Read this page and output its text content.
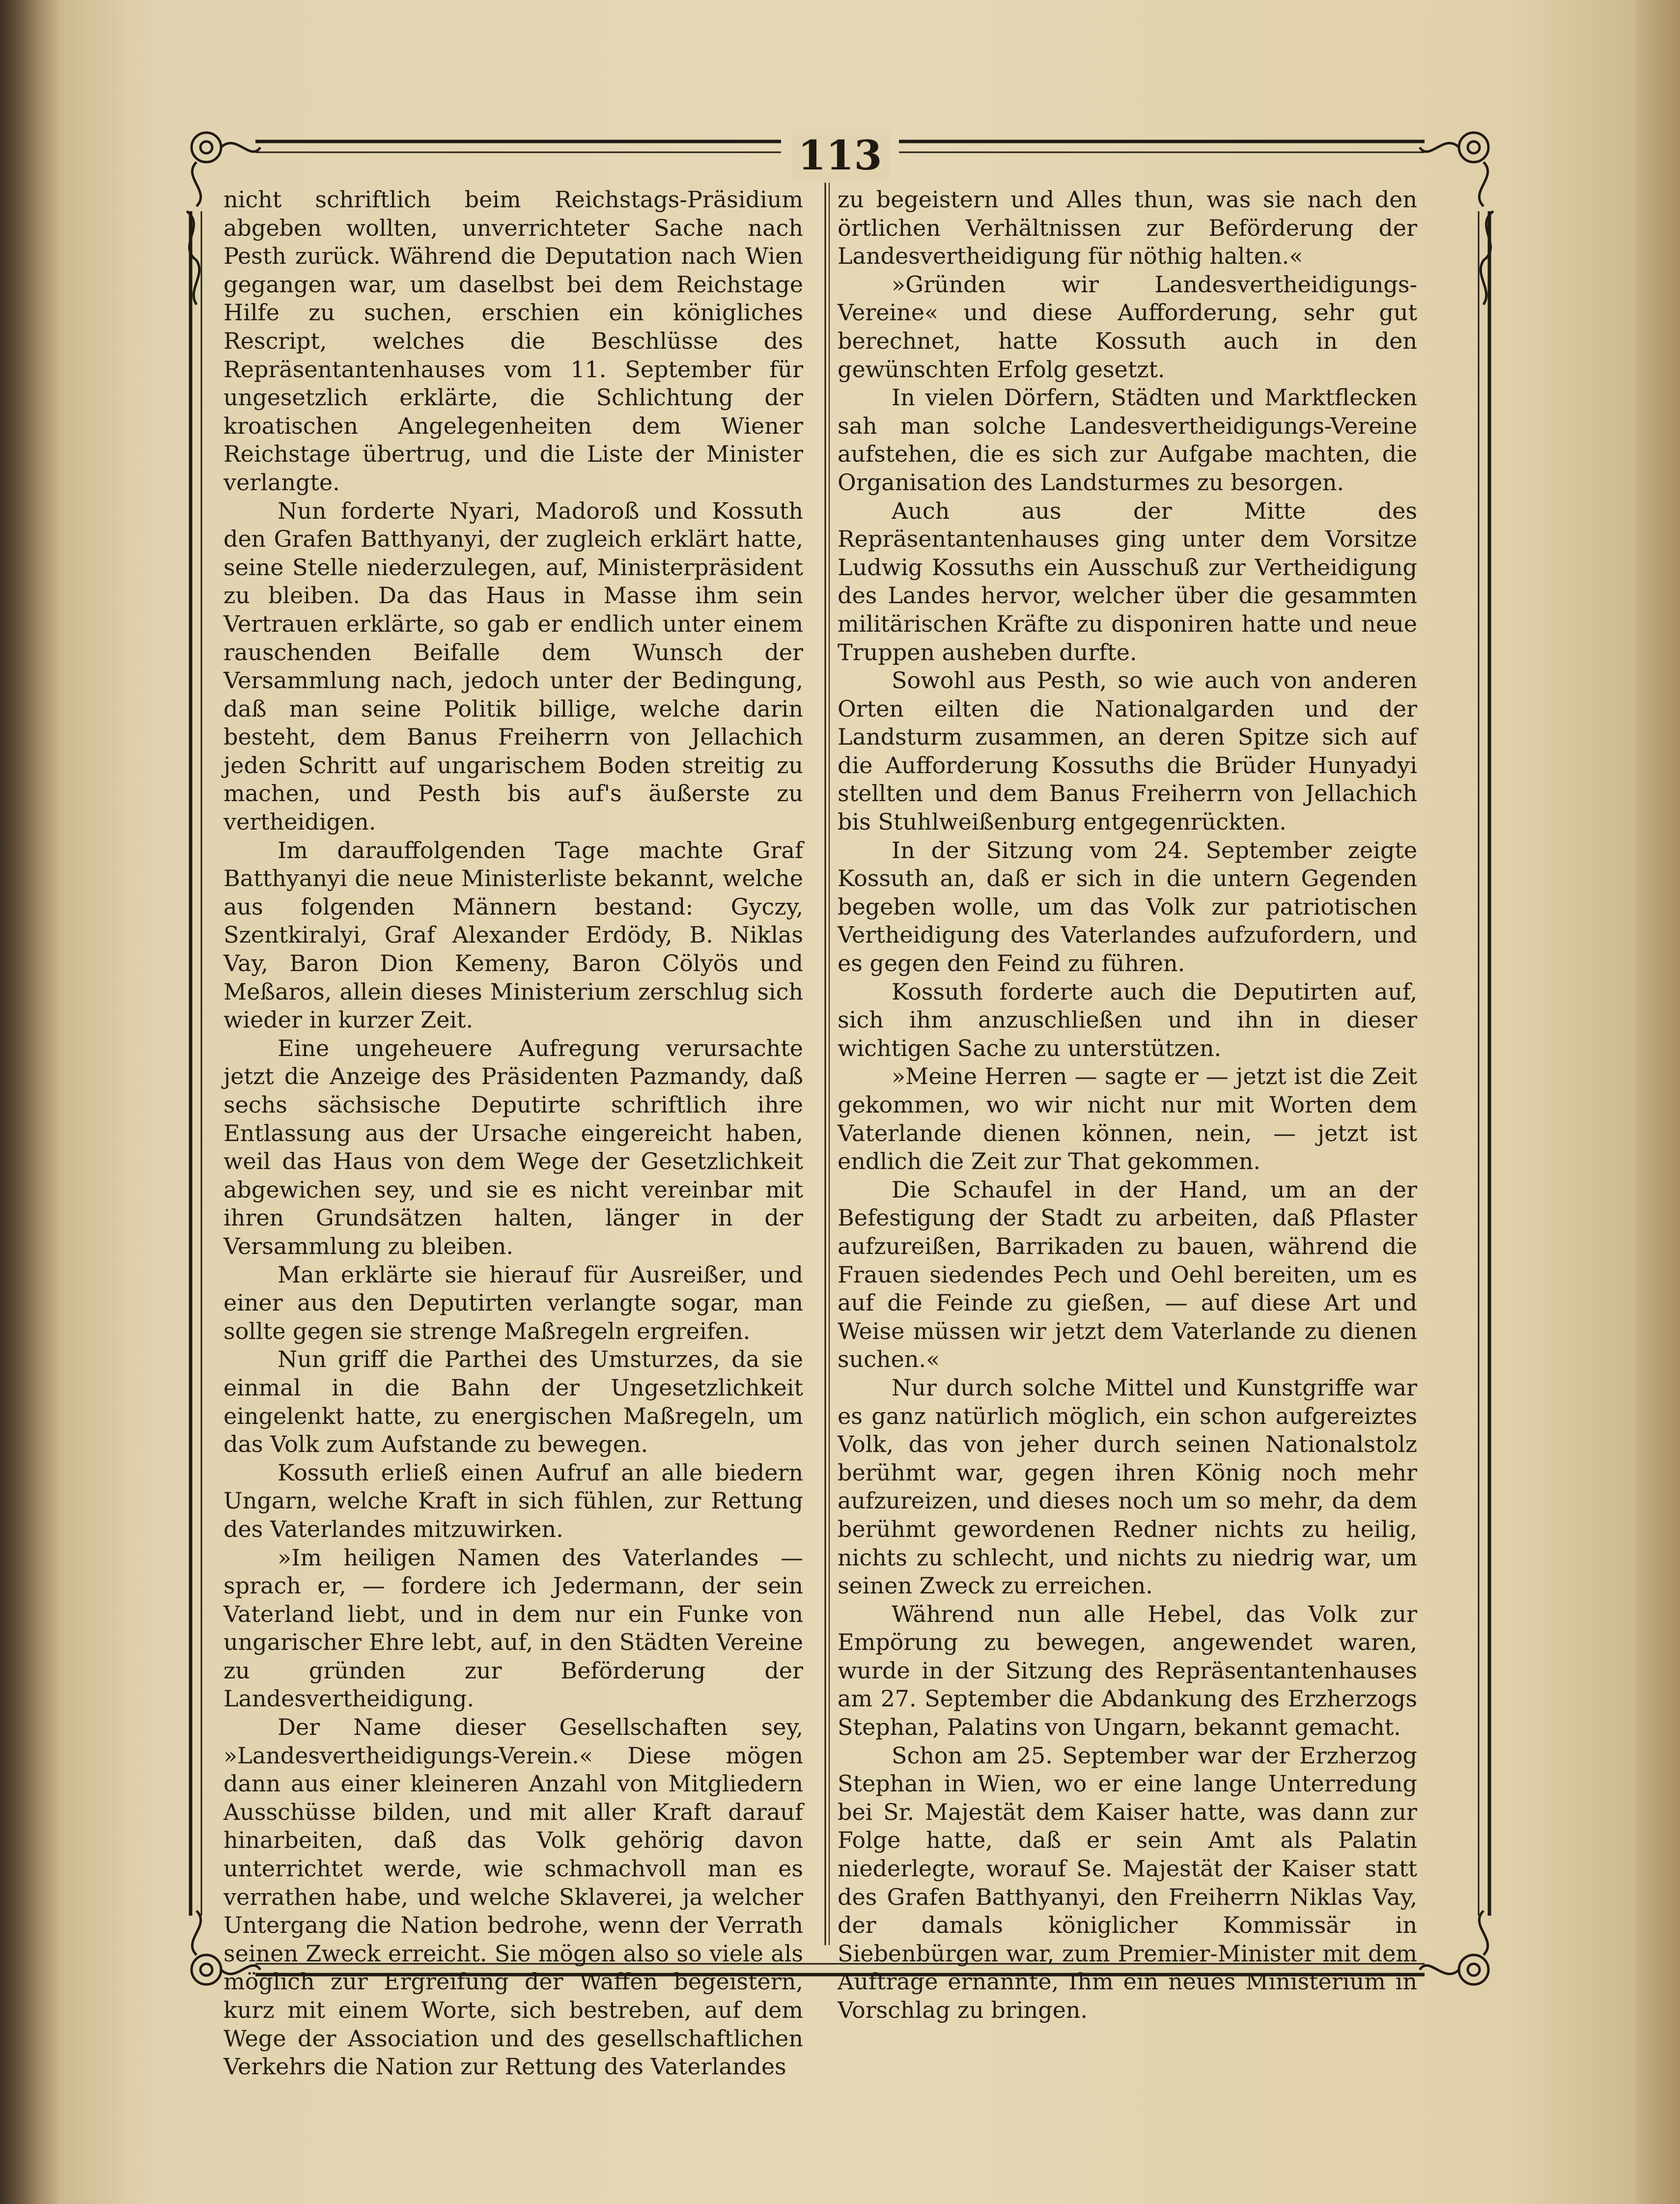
113

nicht schriftlich beim Reichstags-Präsidium abgeben wollten, unverrichteter Sache nach Pesth zurück. Während die Deputation nach Wien gegangen war, um daselbst bei dem Reichstage Hilfe zu suchen, erschien ein königliches Rescript, welches die Beschlüsse des Repräsentantenhauses vom 11. September für ungesetzlich erklärte, die Schlichtung der kroatischen Angelegenheiten dem Wiener Reichstage übertrug, und die Liste der Minister verlangte.

Nun forderte Nyari, Madoroß und Kossuth den Grafen Batthyanyi, der zugleich erklärt hatte, seine Stelle niederzulegen, auf, Ministerpräsident zu bleiben. Da das Haus in Masse ihm sein Vertrauen erklärte, so gab er endlich unter einem rauschenden Beifalle dem Wunsch der Versammlung nach, jedoch unter der Bedingung, daß man seine Politik billige, welche darin besteht, dem Banus Freiherrn von Jellachich jeden Schritt auf ungarischem Boden streitig zu machen, und Pesth bis auf's äußerste zu vertheidigen.

Im darauffolgenden Tage machte Graf Batthyanyi die neue Ministerliste bekannt, welche aus folgenden Männern bestand: Gyczy, Szentkiralyi, Graf Alexander Erdödy, B. Niklas Vay, Baron Dion Kemeny, Baron Cölyös und Meßaros, allein dieses Ministerium zerschlug sich wieder in kurzer Zeit.

Eine ungeheuere Aufregung verursachte jetzt die Anzeige des Präsidenten Pazmandy, daß sechs sächsische Deputirte schriftlich ihre Entlassung aus der Ursache eingereicht haben, weil das Haus von dem Wege der Gesetzlichkeit abgewichen sey, und sie es nicht vereinbar mit ihren Grundsätzen halten, länger in der Versammlung zu bleiben.

Man erklärte sie hierauf für Ausreißer, und einer aus den Deputirten verlangte sogar, man sollte gegen sie strenge Maßregeln ergreifen.

Nun griff die Parthei des Umsturzes, da sie einmal in die Bahn der Ungesetzlichkeit eingelenkt hatte, zu energischen Maßregeln, um das Volk zum Aufstande zu bewegen.

Kossuth erließ einen Aufruf an alle biedern Ungarn, welche Kraft in sich fühlen, zur Rettung des Vaterlandes mitzuwirken.

»Im heiligen Namen des Vaterlandes — sprach er, — fordere ich Jedermann, der sein Vaterland liebt, und in dem nur ein Funke von ungarischer Ehre lebt, auf, in den Städten Vereine zu gründen zur Beförderung der Landesvertheidigung.

Der Name dieser Gesellschaften sey, »Landesvertheidigungs-Verein.« Diese mögen dann aus einer kleineren Anzahl von Mitgliedern Ausschüsse bilden, und mit aller Kraft darauf hinarbeiten, daß das Volk gehörig davon unterrichtet werde, wie schmachvoll man es verrathen habe, und welche Sklaverei, ja welcher Untergang die Nation bedrohe, wenn der Verrath seinen Zweck erreicht. Sie mögen also so viele als möglich zur Ergreifung der Waffen begeistern, kurz mit einem Worte, sich bestreben, auf dem Wege der Association und des gesellschaftlichen Verkehrs die Nation zur Rettung des Vaterlandes

zu begeistern und Alles thun, was sie nach den örtlichen Verhältnissen zur Beförderung der Landesvertheidigung für nöthig halten.«

»Gründen wir Landesvertheidigungs-Vereine« und diese Aufforderung, sehr gut berechnet, hatte Kossuth auch in den gewünschten Erfolg gesetzt.

In vielen Dörfern, Städten und Marktflecken sah man solche Landesvertheidigungs-Vereine aufstehen, die es sich zur Aufgabe machten, die Organisation des Landsturmes zu besorgen.

Auch aus der Mitte des Repräsentantenhauses ging unter dem Vorsitze Ludwig Kossuths ein Ausschuß zur Vertheidigung des Landes hervor, welcher über die gesammten militärischen Kräfte zu disponiren hatte und neue Truppen ausheben durfte.

Sowohl aus Pesth, so wie auch von anderen Orten eilten die Nationalgarden und der Landsturm zusammen, an deren Spitze sich auf die Aufforderung Kossuths die Brüder Hunyadyi stellten und dem Banus Freiherrn von Jellachich bis Stuhlweißenburg entgegenrückten.

In der Sitzung vom 24. September zeigte Kossuth an, daß er sich in die untern Gegenden begeben wolle, um das Volk zur patriotischen Vertheidigung des Vaterlandes aufzufordern, und es gegen den Feind zu führen.

Kossuth forderte auch die Deputirten auf, sich ihm anzuschließen und ihn in dieser wichtigen Sache zu unterstützen.

»Meine Herren — sagte er — jetzt ist die Zeit gekommen, wo wir nicht nur mit Worten dem Vaterlande dienen können, nein, — jetzt ist endlich die Zeit zur That gekommen.

Die Schaufel in der Hand, um an der Befestigung der Stadt zu arbeiten, daß Pflaster aufzureißen, Barrikaden zu bauen, während die Frauen siedendes Pech und Oehl bereiten, um es auf die Feinde zu gießen, — auf diese Art und Weise müssen wir jetzt dem Vaterlande zu dienen suchen.«

Nur durch solche Mittel und Kunstgriffe war es ganz natürlich möglich, ein schon aufgereiztes Volk, das von jeher durch seinen Nationalstolz berühmt war, gegen ihren König noch mehr aufzureizen, und dieses noch um so mehr, da dem berühmt gewordenen Redner nichts zu heilig, nichts zu schlecht, und nichts zu niedrig war, um seinen Zweck zu erreichen.

Während nun alle Hebel, das Volk zur Empörung zu bewegen, angewendet waren, wurde in der Sitzung des Repräsentantenhauses am 27. September die Abdankung des Erzherzogs Stephan, Palatins von Ungarn, bekannt gemacht.

Schon am 25. September war der Erzherzog Stephan in Wien, wo er eine lange Unterredung bei Sr. Majestät dem Kaiser hatte, was dann zur Folge hatte, daß er sein Amt als Palatin niederlegte, worauf Se. Majestät der Kaiser statt des Grafen Batthyanyi, den Freiherrn Niklas Vay, der damals königlicher Kommissär in Siebenbürgen war, zum Premier-Minister mit dem Auftrage ernannte, Ihm ein neues Ministerium in Vorschlag zu bringen.
